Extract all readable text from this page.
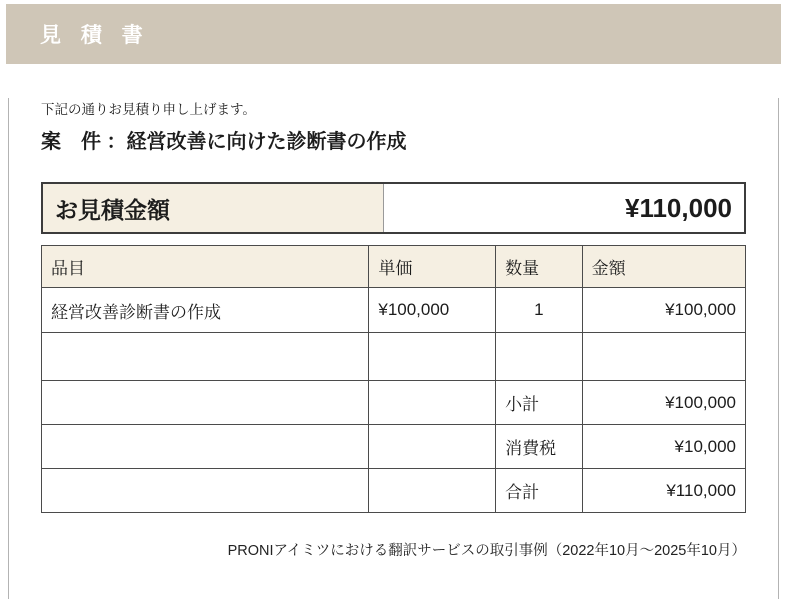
見 積 書
下記の通りお見積り申し上げます。
案　件 ：経営改善に向けた診断書の作成
お見積金額	¥110,000
品目	単価	数量	金額
経営改善診断書の作成	¥100,000	1	¥100,000

		小計	¥100,000
		消費税	¥10,000
		合計	¥110,000
PRONIアイミツにおける翻訳サービスの取引事例（2022年10月〜2025年10月）
